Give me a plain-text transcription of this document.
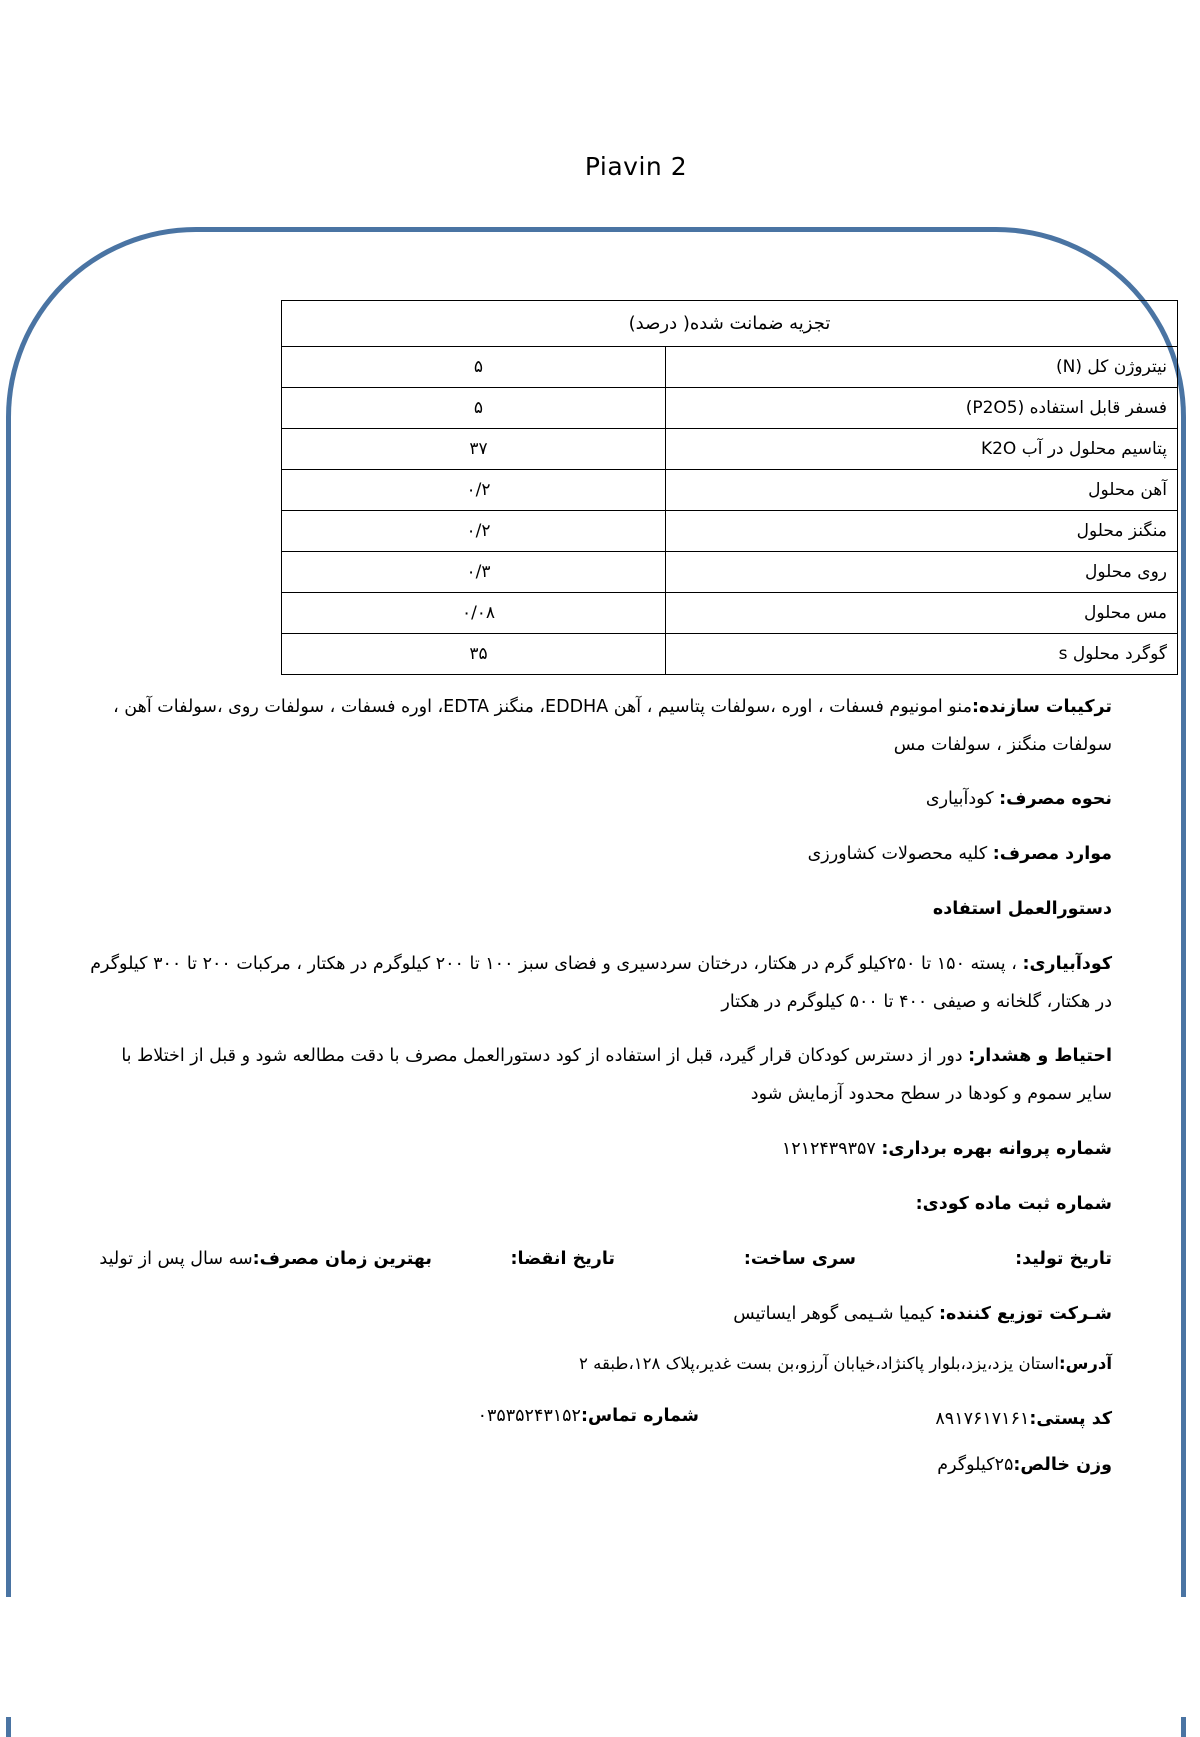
Piavin 2
تجزیه ضمانت شده( درصد)	
نیتروژن کل (N)	۵
فسفر قابل استفاده (P2O5)	۵
پتاسیم محلول در آب K2O	۳۷
آهن محلول	۰/۲
منگنز محلول	۰/۲
روی محلول	۰/۳
مس محلول	۰/۰۸
گوگرد محلول s	۳۵
ترکیبات سازنده:منو امونیوم فسفات ، اوره ،سولفات پتاسیم ، آهن EDDHA، منگنز EDTA، اوره فسفات ، سولفات روی ،سولفات آهن ، سولفات منگنز ، سولفات مس
نحوه مصرف: کودآبیاری
موارد مصرف: کلیه محصولات کشاورزی
دستورالعمل استفاده
کودآبیاری: ، پسته ۱۵۰ تا ۲۵۰کیلو گرم در هکتار، درختان سردسیری و فضای سبز ۱۰۰ تا ۲۰۰ کیلوگرم در هکتار ، مرکبات ۲۰۰ تا ۳۰۰ کیلوگرم در هکتار، گلخانه و صیفی ۴۰۰ تا ۵۰۰ کیلوگرم در هکتار
احتیاط و هشدار: دور از دسترس کودکان قرار گیرد، قبل از استفاده از کود دستورالعمل مصرف با دقت مطالعه شود و قبل از اختلاط با سایر سموم و کودها در سطح محدود آزمایش شود
شماره پروانه بهره برداری: ۱۲۱۲۴۳۹۳۵۷
شماره ثبت ماده کودی:
تاریخ تولید:
سری ساخت:
تاریخ انقضا:
بهترین زمان مصرف:سه سال پس از تولید
شـرکت توزیع کننده: کیمیا شـیمی گوهر ایساتیس
آدرس:استان یزد،یزد،بلوار پاکنژاد،خیابان آرزو،بن بست غدیر،پلاک ۱۲۸،طبقه ۲
کد پستی:۸۹۱۷۶۱۷۱۶۱
شماره تماس:۰۳۵۳۵۲۴۳۱۵۲
وزن خالص:۲۵کیلوگرم
